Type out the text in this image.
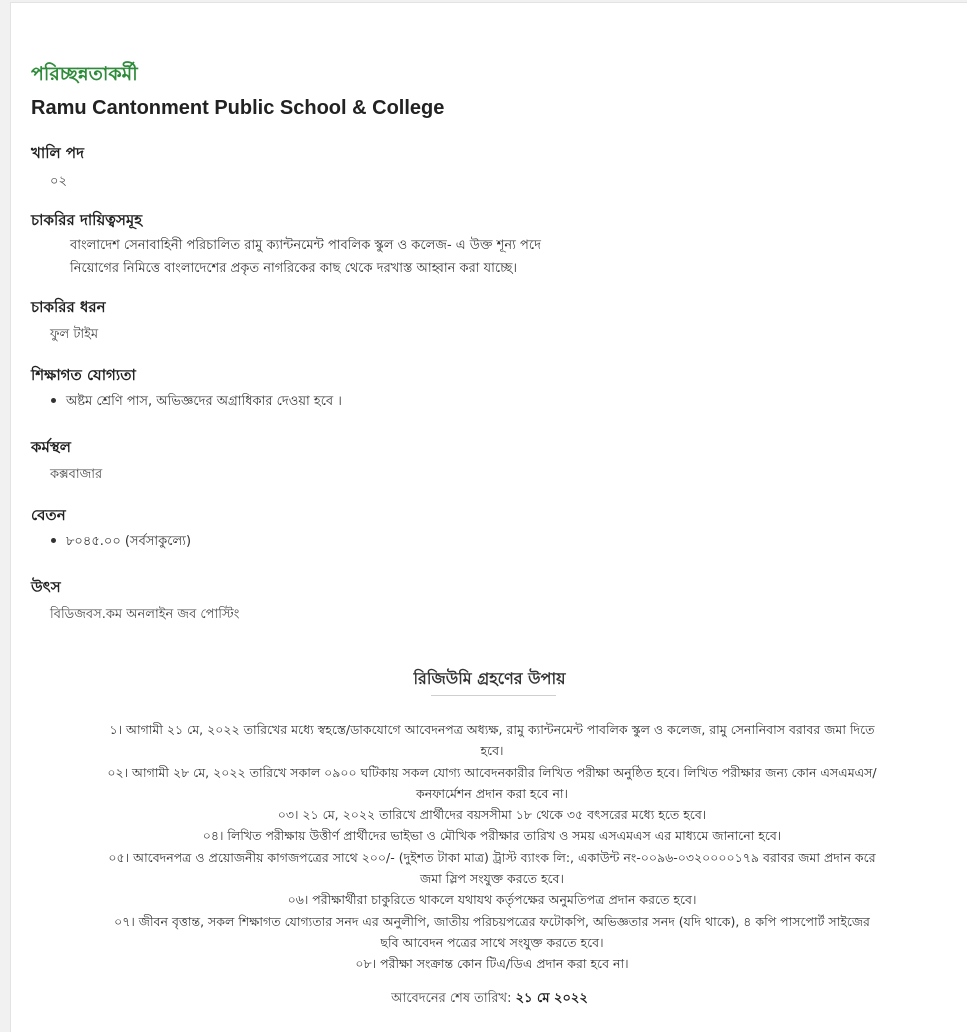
পরিচ্ছন্নতাকর্মী
Ramu Cantonment Public School & College
খালি পদ
০২
চাকরির দায়িত্বসমূহ
বাংলাদেশ সেনাবাহিনী পরিচালিত রামু ক্যান্টনমেন্ট পাবলিক স্কুল ও কলেজ- এ উক্ত শূন্য পদে
নিয়োগের নিমিত্তে বাংলাদেশের প্রকৃত নাগরিকের কাছ থেকে দরখাস্ত আহ্বান করা যাচ্ছে।
চাকরির ধরন
ফুল টাইম
শিক্ষাগত যোগ্যতা
অষ্টম শ্রেণি পাস, অভিজ্ঞদের অগ্রাধিকার দেওয়া হবে ।
কর্মস্থল
কক্সবাজার
বেতন
৮০৪৫.০০ (সর্বসাকুল্যে)
উৎস
বিডিজবস.কম অনলাইন জব পোস্টিং
রিজিউমি গ্রহণের উপায়
১। আগামী ২১ মে, ২০২২ তারিখের মধ্যে স্বহস্তে/ডাকযোগে আবেদনপত্র অধ্যক্ষ, রামু ক্যান্টনমেন্ট পাবলিক স্কুল ও কলেজ, রামু সেনানিবাস বরাবর জমা দিতে
হবে।
০২। আগামী ২৮ মে, ২০২২ তারিখে সকাল ০৯০০ ঘটিকায় সকল যোগ্য আবেদনকারীর লিখিত পরীক্ষা অনুষ্ঠিত হবে। লিখিত পরীক্ষার জন্য কোন এসএমএস/
কনফার্মেশন প্রদান করা হবে না।
০৩। ২১ মে, ২০২২ তারিখে প্রার্থীদের বয়সসীমা ১৮ থেকে ৩৫ বৎসরের মধ্যে হতে হবে।
০৪। লিখিত পরীক্ষায় উত্তীর্ণ প্রার্থীদের ভাইভা ও মৌখিক পরীক্ষার তারিখ ও সময় এসএমএস এর মাধ্যমে জানানো হবে।
০৫। আবেদনপত্র ও প্রয়োজনীয় কাগজপত্রের সাথে ২০০/- (দুইশত টাকা মাত্র) ট্রাস্ট ব্যাংক লি:, একাউন্ট নং-০০৯৬-০৩২০০০০১৭৯ বরাবর জমা প্রদান করে
জমা স্লিপ সংযুক্ত করতে হবে।
০৬। পরীক্ষার্থীরা চাকুরিতে থাকলে যথাযথ কর্তৃপক্ষের অনুমতিপত্র প্রদান করতে হবে।
০৭। জীবন বৃত্তান্ত, সকল শিক্ষাগত যোগ্যতার সনদ এর অনুলীপি, জাতীয় পরিচয়পত্রের ফটোকপি, অভিজ্ঞতার সনদ (যদি থাকে), ৪ কপি পাসপোর্ট সাইজের
ছবি আবেদন পত্রের সাথে সংযুক্ত করতে হবে।
০৮। পরীক্ষা সংক্রান্ত কোন টিএ/ডিএ প্রদান করা হবে না।
আবেদনের শেষ তারিখ: ২১ মে ২০২২
